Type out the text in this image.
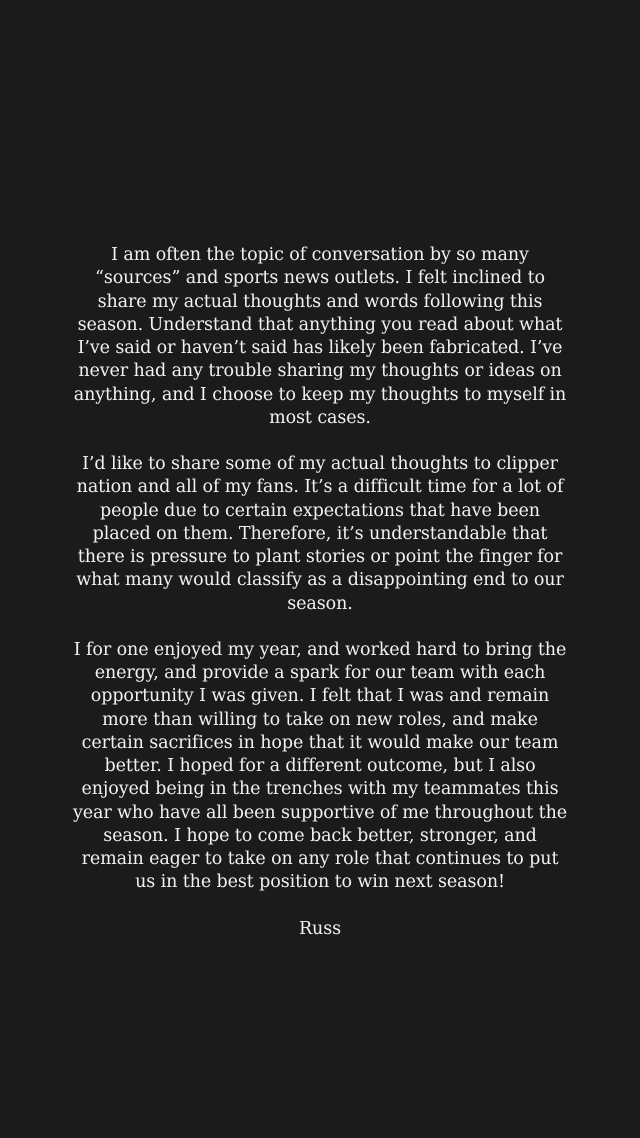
I am often the topic of conversation by so many “sources” and sports news outlets. I felt inclined to share my actual thoughts and words following this season. Understand that anything you read about what I’ve said or haven’t said has likely been fabricated. I’ve never had any trouble sharing my thoughts or ideas on anything, and I choose to keep my thoughts to myself in most cases.

I’d like to share some of my actual thoughts to clipper nation and all of my fans. It’s a difficult time for a lot of people due to certain expectations that have been placed on them. Therefore, it’s understandable that there is pressure to plant stories or point the finger for what many would classify as a disappointing end to our season.

I for one enjoyed my year, and worked hard to bring the energy, and provide a spark for our team with each opportunity I was given. I felt that I was and remain more than willing to take on new roles, and make certain sacrifices in hope that it would make our team better. I hoped for a different outcome, but I also enjoyed being in the trenches with my teammates this year who have all been supportive of me throughout the season. I hope to come back better, stronger, and remain eager to take on any role that continues to put us in the best position to win next season!

Russ
